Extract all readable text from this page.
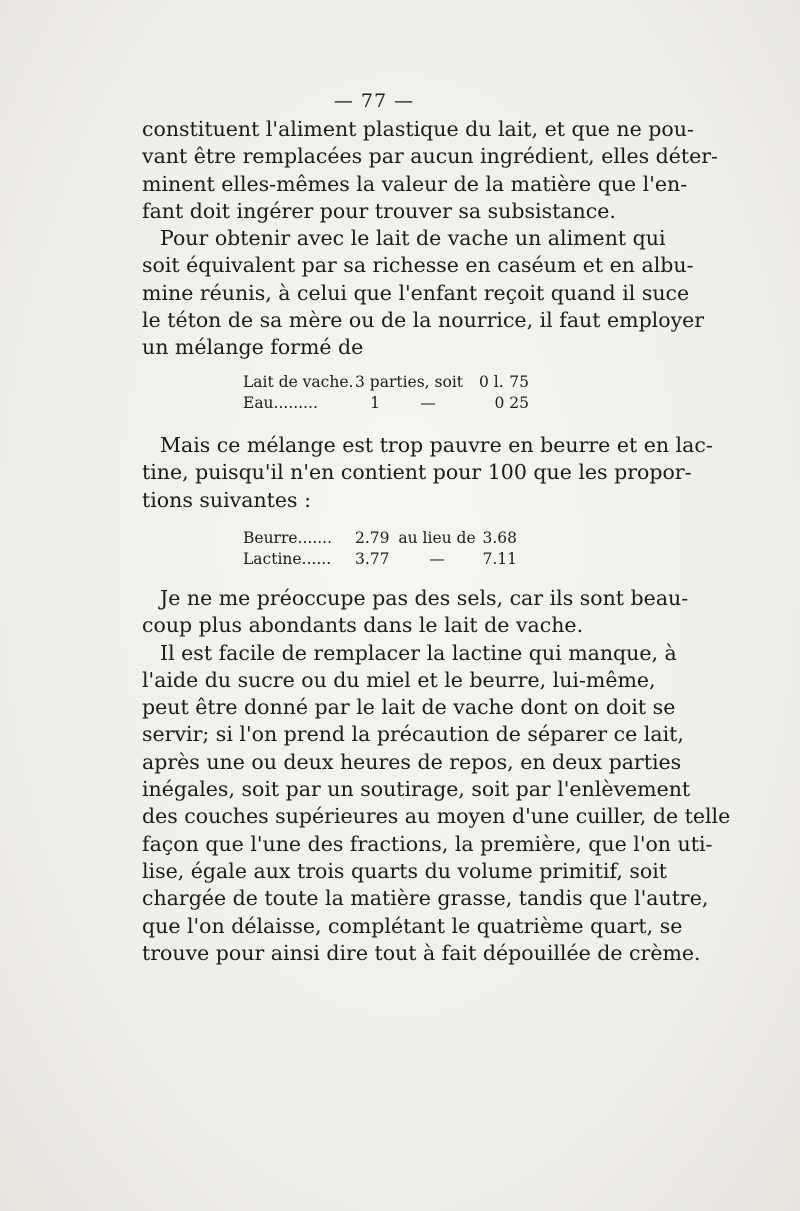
— 77 —
constituent l'aliment plastique du lait, et que ne pou-
vant être remplacées par aucun ingrédient, elles déter-
minent elles-mêmes la valeur de la matière que l'en-
fant doit ingérer pour trouver sa subsistance.
Pour obtenir avec le lait de vache un aliment qui
soit équivalent par sa richesse en caséum et en albu-
mine réunis, à celui que l'enfant reçoit quand il suce
le téton de sa mère ou de la nourrice, il faut employer
un mélange formé de
Lait de vache. 3 parties, soit	0 l. 75
Eau.........	1	—	0 25
Mais ce mélange est trop pauvre en beurre et en lac-
tine, puisqu'il n'en contient pour 100 que les propor-
tions suivantes :
Beurre.......	2.79 au lieu de 3.68
Lactine......	3.77	—	7.11
Je ne me préoccupe pas des sels, car ils sont beau-
coup plus abondants dans le lait de vache.
Il est facile de remplacer la lactine qui manque, à
l'aide du sucre ou du miel et le beurre, lui-même,
peut être donné par le lait de vache dont on doit se
servir; si l'on prend la précaution de séparer ce lait,
après une ou deux heures de repos, en deux parties
inégales, soit par un soutirage, soit par l'enlèvement
des couches supérieures au moyen d'une cuiller, de telle
façon que l'une des fractions, la première, que l'on uti-
lise, égale aux trois quarts du volume primitif, soit
chargée de toute la matière grasse, tandis que l'autre,
que l'on délaisse, complétant le quatrième quart, se
trouve pour ainsi dire tout à fait dépouillée de crème.
